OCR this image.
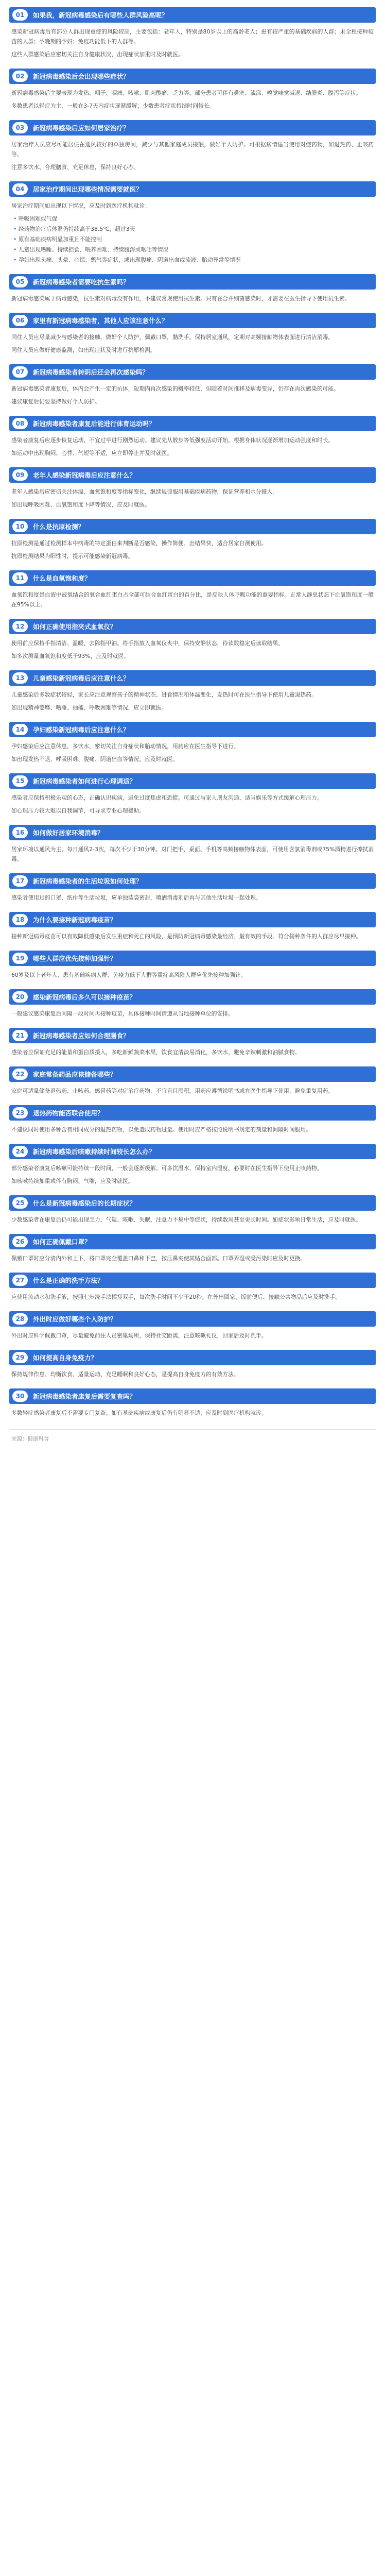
01	如果我，新冠病毒感染后有哪些人群风险高呢？

感染新冠病毒后有部分人群出现重症的风险较高，主要包括：老年人，特别是80岁以上的高龄老人；患有较严重的基础疾病的人群；未全程接种疫苗的人群；孕晚期的孕妇；免疫功能低下的人群等。

这些人群感染后应密切关注自身健康状况，出现症状加重时及时就医。

02	新冠病毒感染后会出现哪些症状？

新冠病毒感染后主要表现为发热、咽干、咽痛、咳嗽、肌肉酸痛、乏力等，部分患者可伴有鼻塞、流涕、嗅觉味觉减退、结膜炎、腹泻等症状。

多数患者以轻症为主，一般在3-7天内症状逐渐缓解；少数患者症状持续时间较长。

03	新冠病毒感染后应如何居家治疗？

居家治疗人员应尽可能居住在通风较好的单独房间，减少与其他家庭成员接触，做好个人防护。可根据病情适当使用对症药物，如退热药、止咳药等。

注意多饮水、合理膳食、充足休息，保持良好心态。

04	居家治疗期间出现哪些情况需要就医？

居家治疗期间如出现以下情况，应及时到医疗机构就诊：

• 呼吸困难或气促
• 经药物治疗后体温仍持续高于38.5℃，超过3天
• 原有基础疾病明显加重且不能控制
• 儿童出现嗜睡、持续拒食、喂养困难、持续腹泻或呕吐等情况
• 孕妇出现头痛、头晕、心慌、憋气等症状，或出现腹痛、阴道出血或流液、胎动异常等情况
05	新冠病毒感染者需要吃抗生素吗？

新冠病毒感染属于病毒感染，抗生素对病毒没有作用，不建议常规使用抗生素。只有在合并细菌感染时，才需要在医生指导下使用抗生素。

06	家里有新冠病毒感染者，其他人应该注意什么？

同住人员应尽量减少与感染者的接触，做好个人防护，佩戴口罩，勤洗手。保持居室通风，定期对高频接触物体表面进行清洁消毒。

同住人员应做好健康监测，如出现症状及时进行抗原检测。

07	新冠病毒感染者转阴后还会再次感染吗？

新冠病毒感染者康复后，体内会产生一定的抗体，短期内再次感染的概率较低，但随着时间推移及病毒变异，仍存在再次感染的可能。

建议康复后仍要坚持做好个人防护。

08	新冠病毒感染者康复后能进行体育运动吗？

感染者康复后应逐步恢复运动，不宜过早进行剧烈运动。建议先从散步等低强度活动开始，根据身体状况逐渐增加运动强度和时长。

如运动中出现胸闷、心悸、气短等不适，应立即停止并及时就医。

09	老年人感染新冠病毒后应注意什么？

老年人感染后应密切关注体温、血氧饱和度等指标变化，继续规律服用基础疾病药物，保证营养和水分摄入。

如出现呼吸困难、血氧饱和度下降等情况，应及时就医。

10	什么是抗原检测？

抗原检测是通过检测样本中病毒的特定蛋白来判断是否感染，操作简便、出结果快，适合居家自测使用。

抗原检测结果为阳性时，提示可能感染新冠病毒。

11	什么是血氧饱和度？

血氧饱和度是血液中被氧结合的氧合血红蛋白占全部可结合血红蛋白的百分比，是反映人体呼吸功能的重要指标。正常人静息状态下血氧饱和度一般在95%以上。

12	如何正确使用指夹式血氧仪？

使用前应保持手指清洁、温暖，去除指甲油。将手指放入血氧仪夹中，保持安静状态，待读数稳定后读取结果。

如多次测量血氧饱和度低于93%，应及时就医。

13	儿童感染新冠病毒后应注意什么？

儿童感染后多数症状较轻，家长应注意观察孩子的精神状态、进食情况和体温变化，发热时可在医生指导下使用儿童退热药。

如出现精神萎靡、嗜睡、抽搐、呼吸困难等情况，应立即就医。

14	孕妇感染新冠病毒后应注意什么？

孕妇感染后应注意休息，多饮水，密切关注自身症状和胎动情况，用药应在医生指导下进行。

如出现发热不退、呼吸困难、腹痛、阴道出血等情况，应及时就医。

15	新冠病毒感染者如何进行心理调适？

感染者应保持积极乐观的心态，正确认识疾病，避免过度焦虑和恐慌。可通过与家人朋友沟通、适当娱乐等方式缓解心理压力。

如心理压力较大难以自我调节，可寻求专业心理援助。

16	如何做好居家环境消毒？

居家环境以通风为主，每日通风2-3次，每次不少于30分钟。对门把手、桌面、手机等高频接触物体表面，可使用含氯消毒剂或75%酒精进行擦拭消毒。

17	新冠病毒感染者的生活垃圾如何处理？

感染者使用过的口罩、纸巾等生活垃圾，应单独装袋密封，喷洒消毒剂后再与其他生活垃圾一起处理。

18	为什么要接种新冠病毒疫苗？

接种新冠病毒疫苗可以有效降低感染后发生重症和死亡的风险，是预防新冠病毒感染最经济、最有效的手段。符合接种条件的人群应尽早接种。

19	哪些人群应优先接种加强针？

60岁及以上老年人、患有基础疾病人群、免疫力低下人群等重症高风险人群应优先接种加强针。

20	感染新冠病毒后多久可以接种疫苗？

一般建议感染康复后间隔一段时间再接种疫苗，具体接种时间请遵从当地接种单位的安排。

21	新冠病毒感染者应如何合理膳食？

感染者应保证充足的能量和蛋白质摄入，多吃新鲜蔬菜水果，饮食宜清淡易消化，多饮水，避免辛辣刺激和油腻食物。

22	家庭常备药品应该储备哪些？

家庭可适量储备退热药、止咳药、感冒药等对症治疗药物，不宜盲目囤积，用药应遵循说明书或在医生指导下使用，避免重复用药。

23	退热药物能否联合使用？

不建议同时使用多种含有相同成分的退热药物，以免造成药物过量。使用时应严格按照说明书规定的剂量和间隔时间服用。

24	新冠病毒感染后咳嗽持续时间较长怎么办？

部分感染者康复后咳嗽可能持续一段时间，一般会逐渐缓解。可多饮温水、保持室内湿度，必要时在医生指导下使用止咳药物。

如咳嗽持续加重或伴有胸闷、气喘，应及时就医。

25	什么是新冠病毒感染后的长期症状？

少数感染者在康复后仍可能出现乏力、气短、咳嗽、失眠、注意力不集中等症状，持续数周甚至更长时间。如症状影响日常生活，应及时就医。

26	如何正确佩戴口罩？

佩戴口罩时应分清内外和上下，将口罩完全覆盖口鼻和下巴，按压鼻夹使其贴合面部。口罩弄湿或受污染时应及时更换。

27	什么是正确的洗手方法？

应使用流动水和洗手液，按照七步洗手法揉搓双手，每次洗手时间不少于20秒。在外出回家、饭前便后、接触公共物品后应及时洗手。

28	外出时应做好哪些个人防护？

外出时应科学佩戴口罩，尽量避免前往人员密集场所，保持社交距离，注意咳嗽礼仪，回家后及时洗手。

29	如何提高自身免疫力？

保持规律作息、均衡饮食、适量运动、充足睡眠和良好心态，是提高自身免疫力的有效方法。

30	新冠病毒感染者康复后需要复查吗？

多数轻症感染者康复后不需要专门复查。如有基础疾病或康复后仍有明显不适，应及时到医疗机构就诊。

来源：健康科普
